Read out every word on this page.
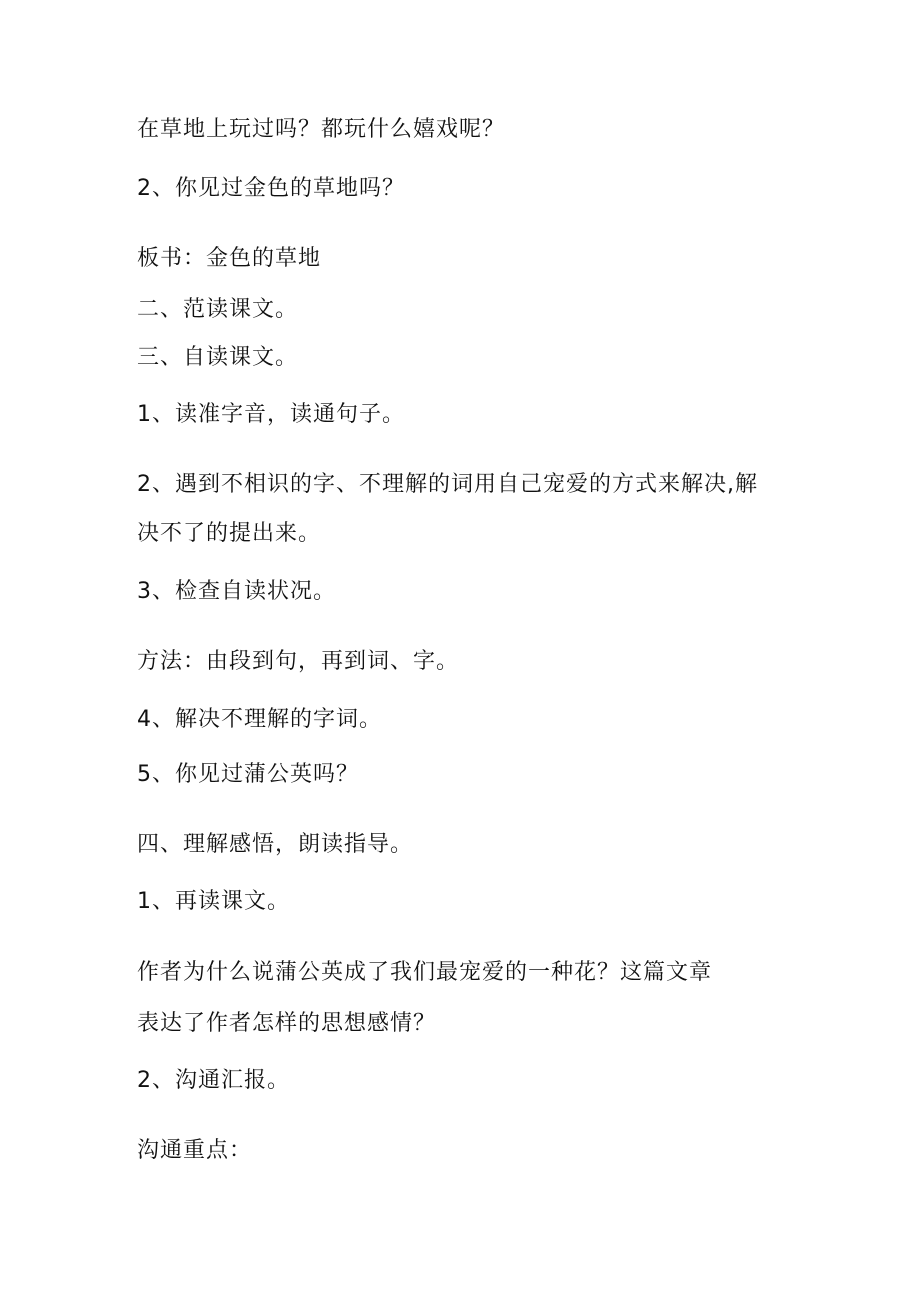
在草地上玩过吗？都玩什么嬉戏呢？
2、你见过金色的草地吗？
板书：金色的草地
二、范读课文。
三、自读课文。
1、读准字音，读通句子。
2、遇到不相识的字、不理解的词用自己宠爱的方式来解决,解
决不了的提出来。
3、检查自读状况。
方法：由段到句，再到词、字。
4、解决不理解的字词。
5、你见过蒲公英吗？
四、理解感悟，朗读指导。
1、再读课文。
作者为什么说蒲公英成了我们最宠爱的一种花？这篇文章
表达了作者怎样的思想感情？
2、沟通汇报。
沟通重点：
